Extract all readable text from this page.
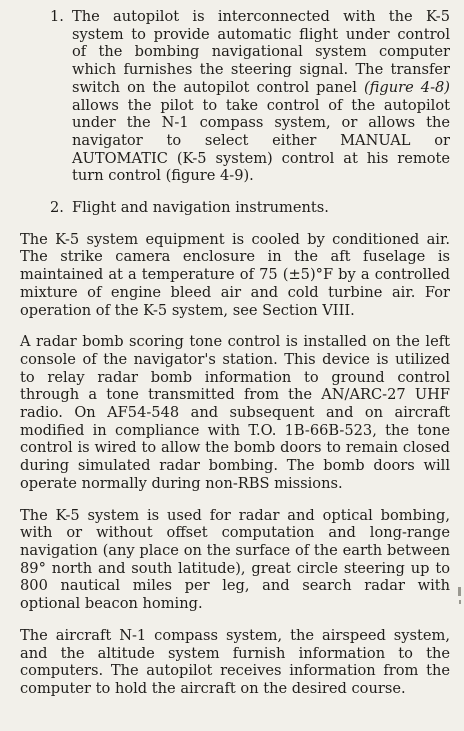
1. The autopilot is interconnected with the K-5 system to provide automatic flight under control of the bombing navigational system computer which furnishes the steering signal. The transfer switch on the autopilot control panel (figure 4-8) allows the pilot to take control of the autopilot under the N-1 compass system, or allows the navigator to select either MANUAL or AUTOMATIC (K-5 system) control at his remote turn control (figure 4-9).
2. Flight and navigation instruments.

The K-5 system equipment is cooled by conditioned air. The strike camera enclosure in the aft fuselage is maintained at a temperature of 75 (±5)°F by a controlled mixture of engine bleed air and cold turbine air. For operation of the K-5 system, see Section VIII.

A radar bomb scoring tone control is installed on the left console of the navigator's station. This device is utilized to relay radar bomb information to ground control through a tone transmitted from the AN/ARC-27 UHF radio. On AF54-548 and subsequent and on aircraft modified in compliance with T.O. 1B-66B-523, the tone control is wired to allow the bomb doors to remain closed during simulated radar bombing. The bomb doors will operate normally during non-RBS missions.

The K-5 system is used for radar and optical bombing, with or without offset computation and long-range navigation (any place on the surface of the earth between 89° north and south latitude), great circle steering up to 800 nautical miles per leg, and search radar with optional beacon homing.

The aircraft N-1 compass system, the airspeed system, and the altitude system furnish information to the computers. The autopilot receives information from the computer to hold the aircraft on the desired course.
